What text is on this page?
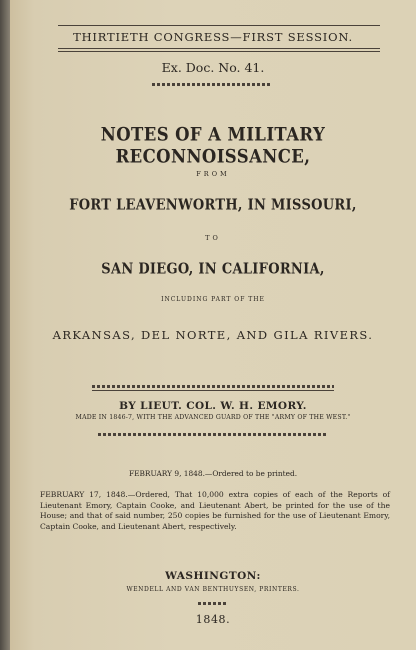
THIRTIETH CONGRESS—FIRST SESSION.
Ex. Doc. No. 41.
NOTES OF A MILITARY RECONNOISSANCE,
FROM
FORT LEAVENWORTH, IN MISSOURI,
TO
SAN DIEGO, IN CALIFORNIA,
INCLUDING PART OF THE
ARKANSAS, DEL NORTE, AND GILA RIVERS.
BY LIEUT. COL. W. H. EMORY.
MADE IN 1846-7, WITH THE ADVANCED GUARD OF THE "ARMY OF THE WEST."
FEBRUARY 9, 1848.—Ordered to be printed.
FEBRUARY 17, 1848.—Ordered, That 10,000 extra copies of each of the Reports of Lieutenant Emory, Captain Cooke, and Lieutenant Abert, be printed for the use of the House; and that of said number, 250 copies be furnished for the use of Lieutenant Emory, Captain Cooke, and Lieutenant Abert, respectively.
WASHINGTON:
WENDELL AND VAN BENTHUYSEN, PRINTERS.
1848.
